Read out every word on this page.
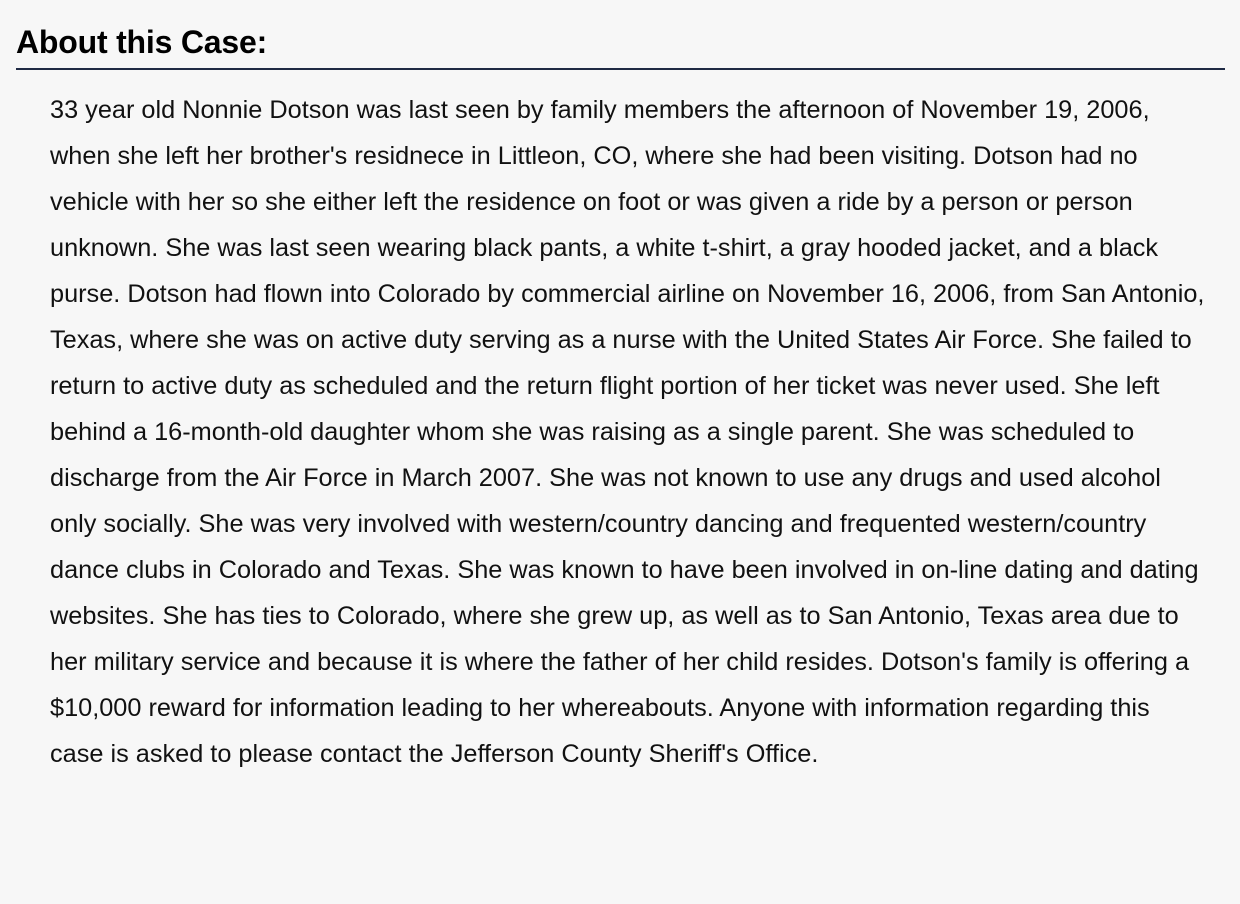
About this Case:

33 year old Nonnie Dotson was last seen by family members the afternoon of November 19, 2006, when she left her brother's residnece in Littleon, CO, where she had been visiting. Dotson had no vehicle with her so she either left the residence on foot or was given a ride by a person or person unknown. She was last seen wearing black pants, a white t-shirt, a gray hooded jacket, and a black purse. Dotson had flown into Colorado by commercial airline on November 16, 2006, from San Antonio, Texas, where she was on active duty serving as a nurse with the United States Air Force. She failed to return to active duty as scheduled and the return flight portion of her ticket was never used. She left behind a 16-month-old daughter whom she was raising as a single parent. She was scheduled to discharge from the Air Force in March 2007. She was not known to use any drugs and used alcohol only socially. She was very involved with western/country dancing and frequented western/country dance clubs in Colorado and Texas. She was known to have been involved in on-line dating and dating websites. She has ties to Colorado, where she grew up, as well as to San Antonio, Texas area due to her military service and because it is where the father of her child resides. Dotson's family is offering a $10,000 reward for information leading to her whereabouts. Anyone with information regarding this case is asked to please contact the Jefferson County Sheriff's Office.
